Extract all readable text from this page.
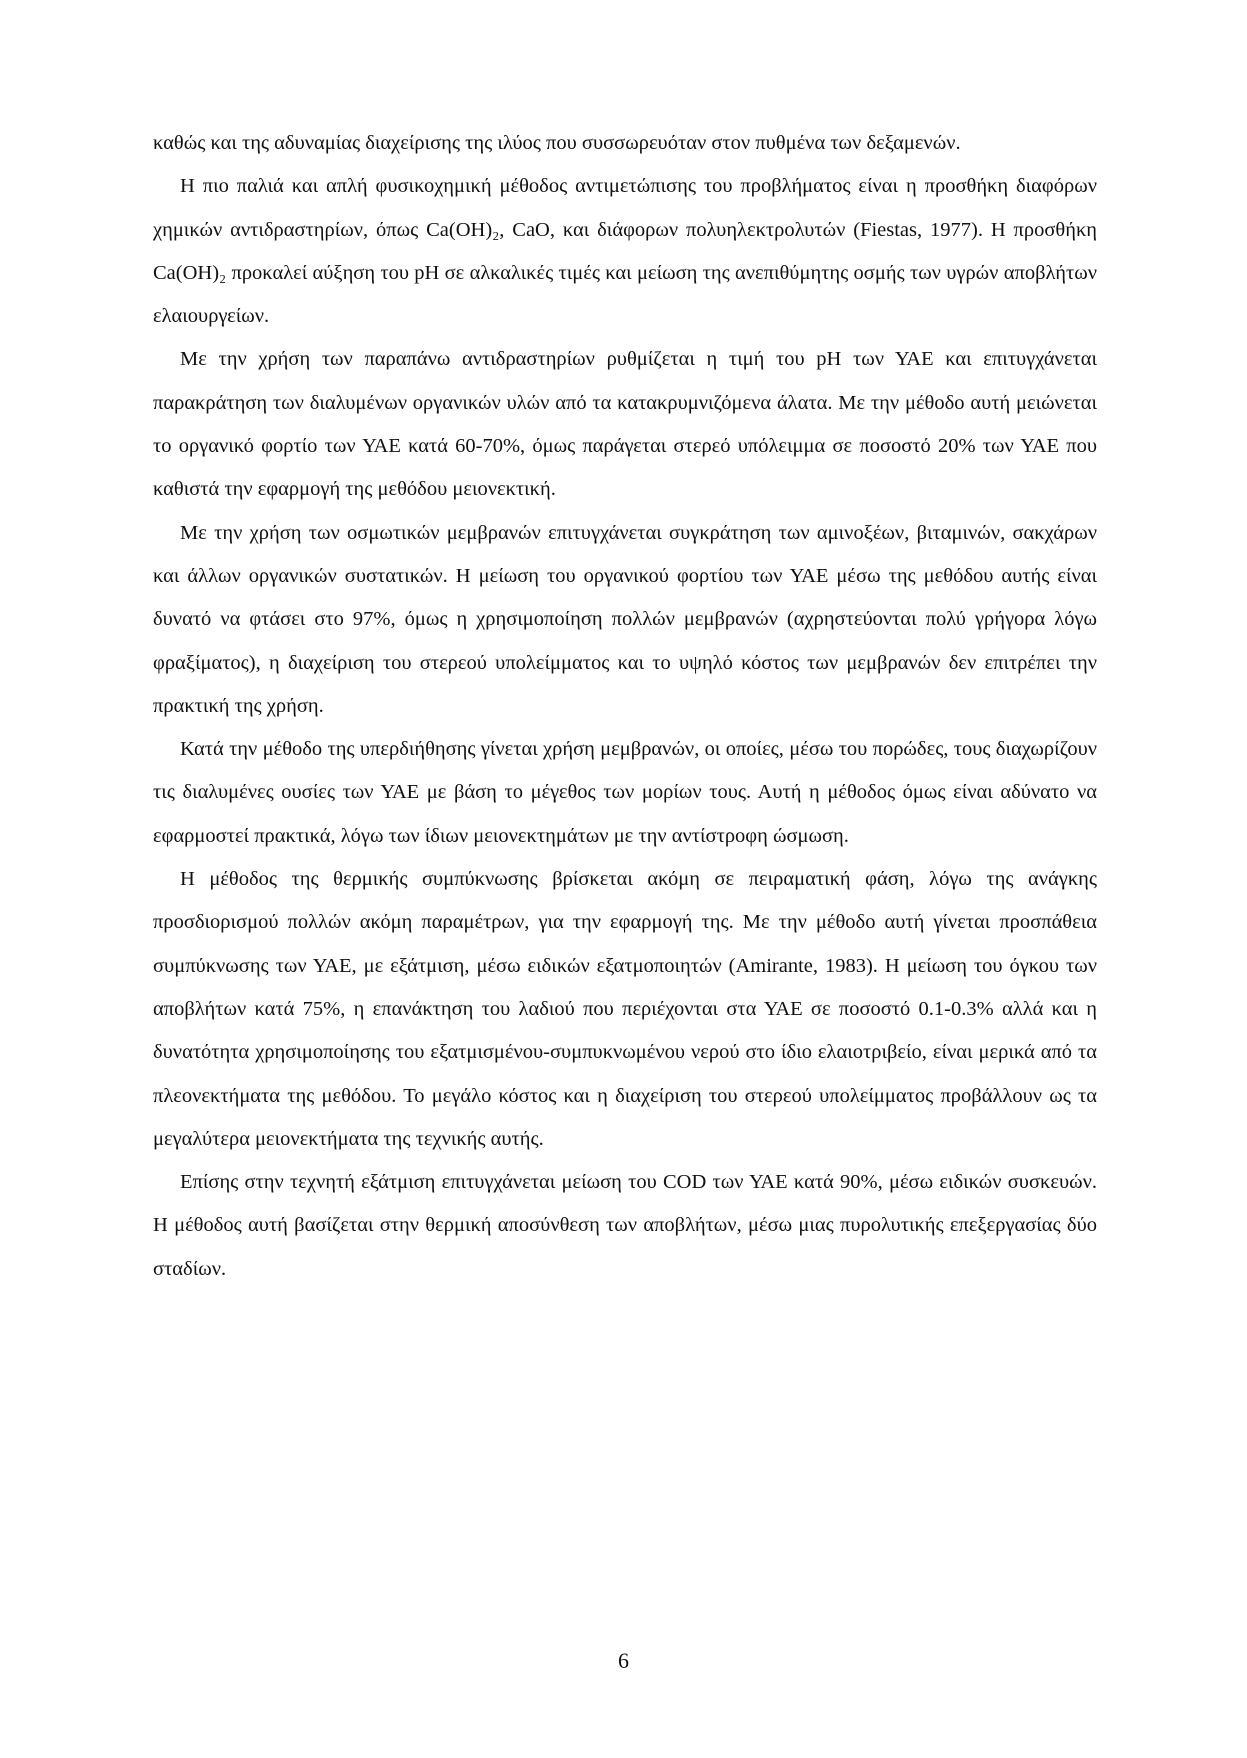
καθώς και της αδυναμίας διαχείρισης της ιλύος που συσσωρευόταν στον πυθμένα των δεξαμενών.

Η πιο παλιά και απλή φυσικοχημική μέθοδος αντιμετώπισης του προβλήματος είναι η προσθήκη διαφόρων χημικών αντιδραστηρίων, όπως Ca(OH)₂, CaO, και διάφορων πολυηλεκτρολυτών (Fiestas, 1977). Η προσθήκη Ca(OH)₂ προκαλεί αύξηση του pH σε αλκαλικές τιμές και μείωση της ανεπιθύμητης οσμής των υγρών αποβλήτων ελαιουργείων.

Με την χρήση των παραπάνω αντιδραστηρίων ρυθμίζεται η τιμή του pH των ΥΑΕ και επιτυγχάνεται παρακράτηση των διαλυμένων οργανικών υλών από τα κατακρυμνιζόμενα άλατα. Με την μέθοδο αυτή μειώνεται το οργανικό φορτίο των ΥΑΕ κατά 60-70%, όμως παράγεται στερεό υπόλειμμα σε ποσοστό 20% των ΥΑΕ που καθιστά την εφαρμογή της μεθόδου μειονεκτική.

Με την χρήση των οσμωτικών μεμβρανών επιτυγχάνεται συγκράτηση των αμινοξέων, βιταμινών, σακχάρων και άλλων οργανικών συστατικών. Η μείωση του οργανικού φορτίου των ΥΑΕ μέσω της μεθόδου αυτής είναι δυνατό να φτάσει στο 97%, όμως η χρησιμοποίηση πολλών μεμβρανών (αχρηστεύονται πολύ γρήγορα λόγω φραξίματος), η διαχείριση του στερεού υπολείμματος και το υψηλό κόστος των μεμβρανών δεν επιτρέπει την πρακτική της χρήση.

Κατά την μέθοδο της υπερδιήθησης γίνεται χρήση μεμβρανών, οι οποίες, μέσω του πορώδες, τους διαχωρίζουν τις διαλυμένες ουσίες των ΥΑΕ με βάση το μέγεθος των μορίων τους. Αυτή η μέθοδος όμως είναι αδύνατο να εφαρμοστεί πρακτικά, λόγω των ίδιων μειονεκτημάτων με την αντίστροφη ώσμωση.

Η μέθοδος της θερμικής συμπύκνωσης βρίσκεται ακόμη σε πειραματική φάση, λόγω της ανάγκης προσδιορισμού πολλών ακόμη παραμέτρων, για την εφαρμογή της. Με την μέθοδο αυτή γίνεται προσπάθεια συμπύκνωσης των ΥΑΕ, με εξάτμιση, μέσω ειδικών εξατμοποιητών (Amirante, 1983). Η μείωση του όγκου των αποβλήτων κατά 75%, η επανάκτηση του λαδιού που περιέχονται στα ΥΑΕ σε ποσοστό 0.1-0.3% αλλά και η δυνατότητα χρησιμοποίησης του εξατμισμένου-συμπυκνωμένου νερού στο ίδιο ελαιοτριβείο, είναι μερικά από τα πλεονεκτήματα της μεθόδου. Το μεγάλο κόστος και η διαχείριση του στερεού υπολείμματος προβάλλουν ως τα μεγαλύτερα μειονεκτήματα της τεχνικής αυτής.

Επίσης στην τεχνητή εξάτμιση επιτυγχάνεται μείωση του COD των ΥΑΕ κατά 90%, μέσω ειδικών συσκευών. Η μέθοδος αυτή βασίζεται στην θερμική αποσύνθεση των αποβλήτων, μέσω μιας πυρολυτικής επεξεργασίας δύο σταδίων.

6
